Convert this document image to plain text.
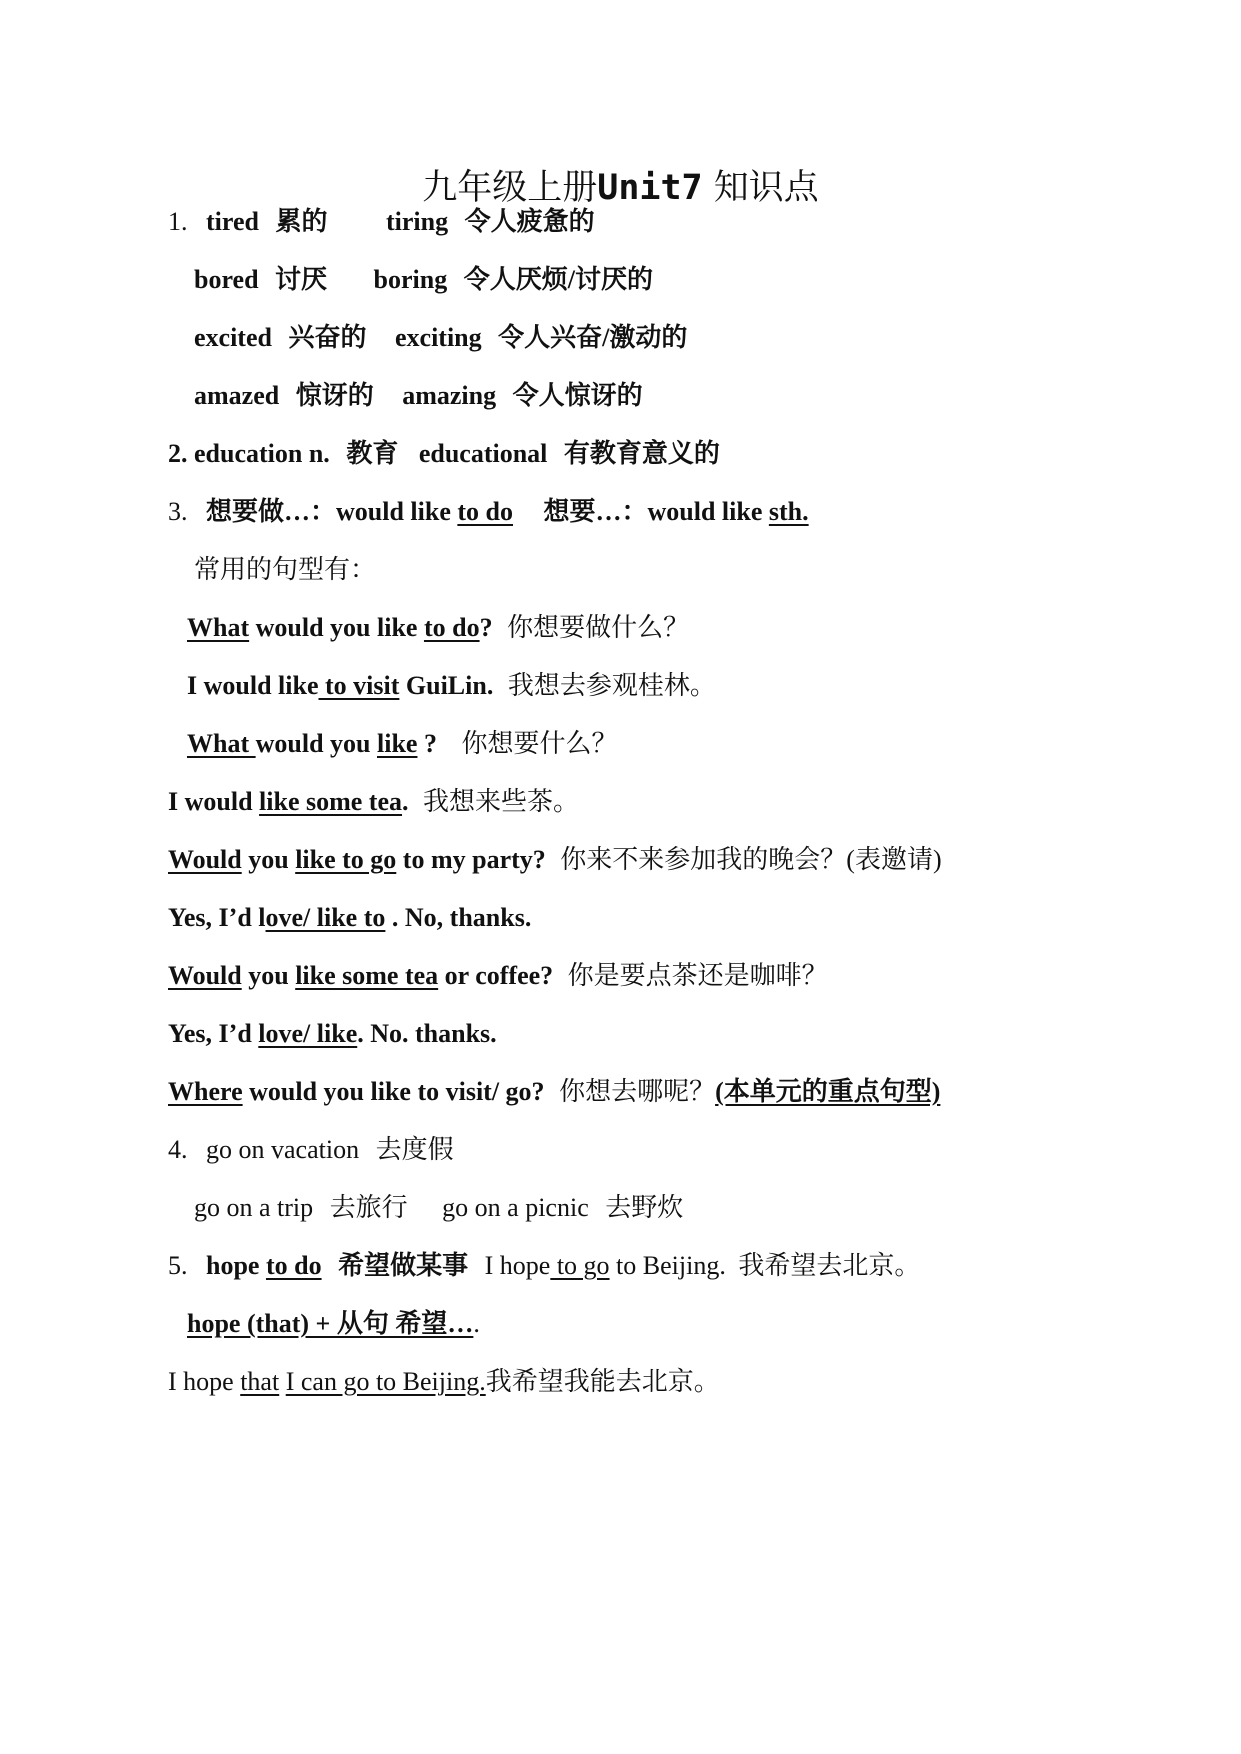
九年级上册Unit7 知识点
1. tired 累的 tiring 令人疲惫的
bored 讨厌 boring 令人厌烦/讨厌的
excited 兴奋的 exciting 令人兴奋/激动的
amazed 惊讶的 amazing 令人惊讶的
2. education n. 教育 educational 有教育意义的
3. 想要做…：would like to do 想要…：would like sth.
常用的句型有：
What would you like to do? 你想要做什么？
I would like to visit GuiLin. 我想去参观桂林。
What would you like ? 你想要什么？
I would like some tea. 我想来些茶。
Would you like to go to my party? 你来不来参加我的晚会？(表邀请)
Yes, I’d love/ like to . No, thanks.
Would you like some tea or coffee? 你是要点茶还是咖啡？
Yes, I’d love/ like. No. thanks.
Where would you like to visit/ go? 你想去哪呢？(本单元的重点句型)
4. go on vacation 去度假
go on a trip 去旅行 go on a picnic 去野炊
5. hope to do 希望做某事 I hope to go to Beijing. 我希望去北京。
hope (that) + 从句 希望….
I hope that I can go to Beijing.我希望我能去北京。
